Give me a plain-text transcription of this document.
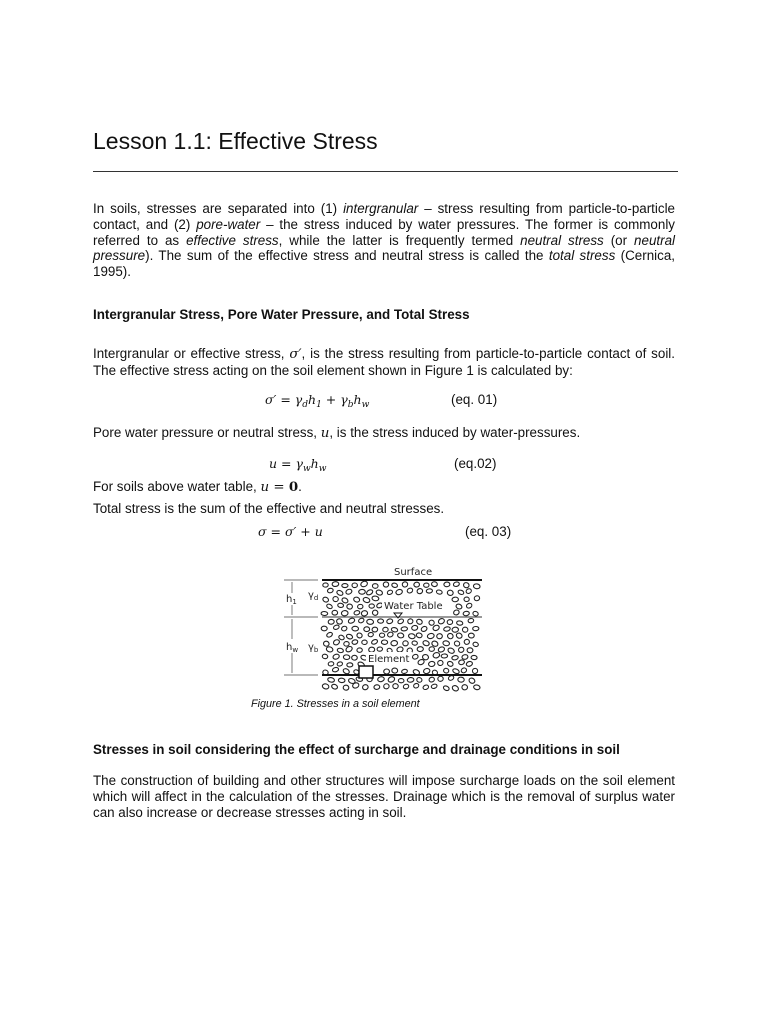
Lesson 1.1: Effective Stress

In soils, stresses are separated into (1) intergranular – stress resulting from particle-to-particle contact, and (2) pore-water – the stress induced by water pressures. The former is commonly referred to as effective stress, while the latter is frequently termed neutral stress (or neutral pressure). The sum of the effective stress and neutral stress is called the total stress (Cernica, 1995).

Intergranular Stress, Pore Water Pressure, and Total Stress

Intergranular or effective stress, σ′, is the stress resulting from particle-to-particle contact of soil. The effective stress acting on the soil element shown in Figure 1 is calculated by:

$\sigma' = \gamma_dh_1 + \gamma_bh_w$	(eq. 01)

Pore water pressure or neutral stress, u, is the stress induced by water-pressures.

$u = \gamma_wh_w$	(eq.02)

For soils above water table, u = 0.

Total stress is the sum of the effective and neutral stresses.

σ = σ′ + u	(eq. 03)
Surface
Water Table
Element
$h_1$
$h_w$
$\gamma_d$
$\gamma_b$
Figure 1. Stresses in a soil element
Stresses in soil considering the effect of surcharge and drainage conditions in soil

The construction of building and other structures will impose surcharge loads on the soil element which will affect in the calculation of the stresses. Drainage which is the removal of surplus water can also increase or decrease stresses acting in soil.
